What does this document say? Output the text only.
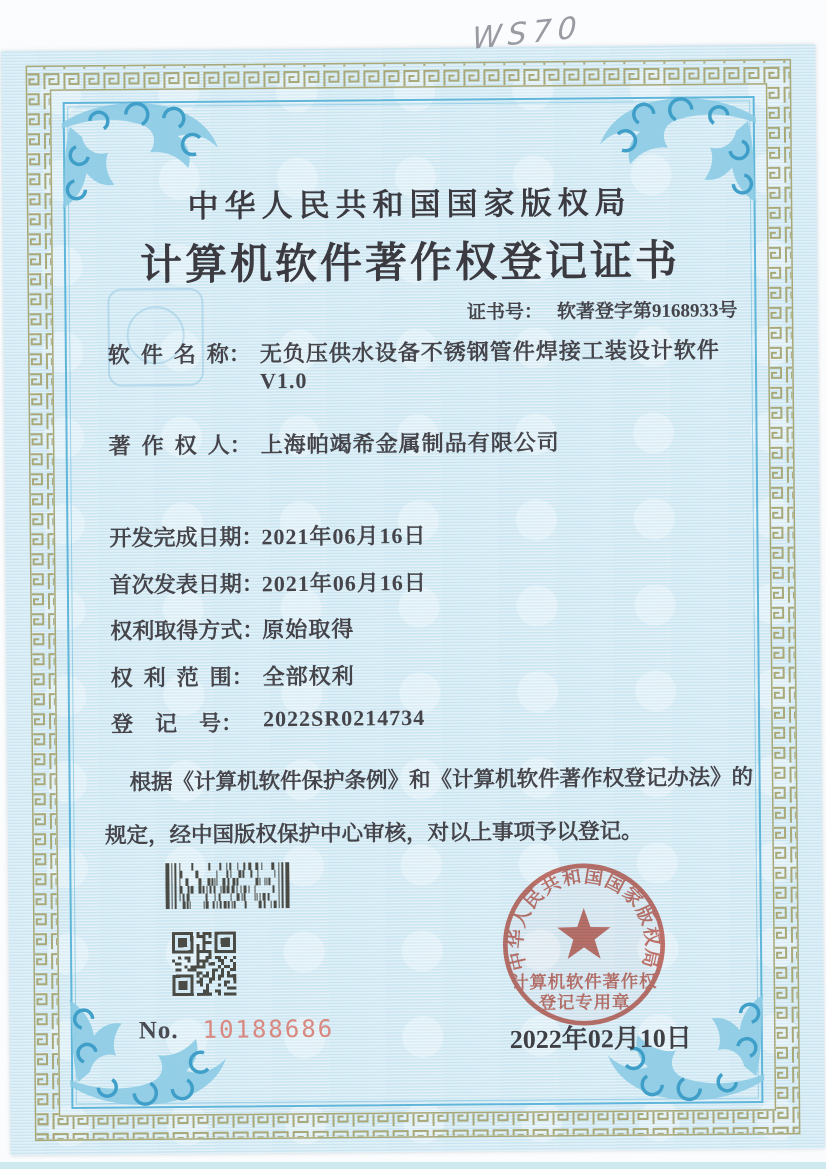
WS70
中华人民共和国国家版权局
计算机软件著作权登记证书
证书号： 软著登字第9168933号
软  件  名  称： 无负压供水设备不锈钢管件焊接工装设计软件
V1.0
著  作  权  人： 上海帕竭希金属制品有限公司
开发完成日期：2021年06月16日
首次发表日期：2021年06月16日
权利取得方式：原始取得
权  利  范  围： 全部权利
登　记　号： 2022SR0214734
根据《计算机软件保护条例》和《计算机软件著作权登记办法》的
规定，经中国版权保护中心审核，对以上事项予以登记。
No. 10188686	2022年02月10日
中华人民共和国国家版权局
计算机软件著作权
登记专用章
